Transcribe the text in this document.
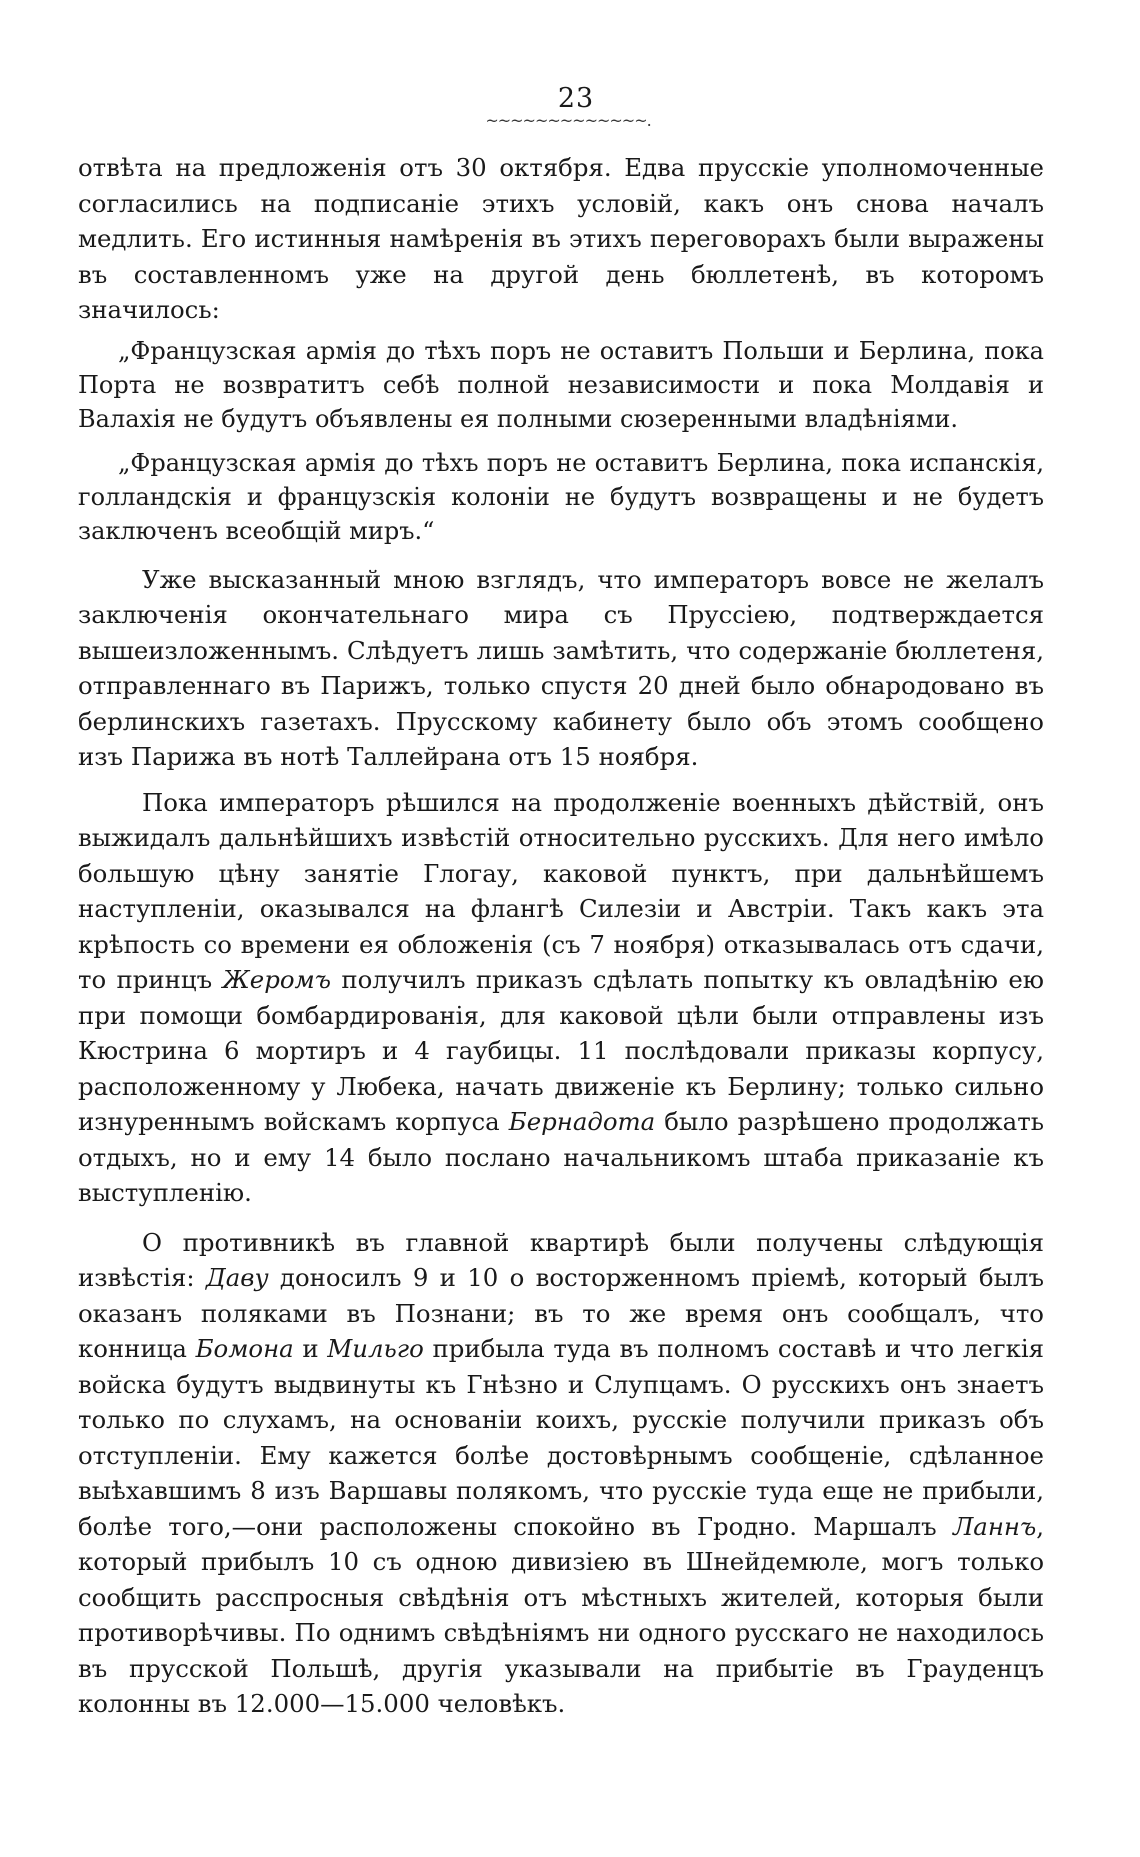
23
~~~~~~~~~~~~~.

отвѣта на предложенія отъ 30 октября. Едва прусскіе уполномоченные согласились на подписаніе этихъ условій, какъ онъ снова началъ медлить. Его истинныя намѣренія въ этихъ переговорахъ были выражены въ составленномъ уже на другой день бюллетенѣ, въ которомъ значилось:

„Французская армія до тѣхъ поръ не оставитъ Польши и Берлина, пока Порта не возвратитъ себѣ полной независимости и пока Молдавія и Валахія не будутъ объявлены ея полными сюзеренными владѣніями.

„Французская армія до тѣхъ поръ не оставитъ Берлина, пока испанскія, голландскія и французскія колоніи не будутъ возвращены и не будетъ заключенъ всеобщій миръ.“

Уже высказанный мною взглядъ, что императоръ вовсе не желалъ заключенія окончательнаго мира съ Пруссіею, подтверждается вышеизложеннымъ. Слѣдуетъ лишь замѣтить, что содержаніе бюллетеня, отправленнаго въ Парижъ, только спустя 20 дней было обнародовано въ берлинскихъ газетахъ. Прусскому кабинету было объ этомъ сообщено изъ Парижа въ нотѣ Таллейрана отъ 15 ноября.

Пока императоръ рѣшился на продолженіе военныхъ дѣйствій, онъ выжидалъ дальнѣйшихъ извѣстій относительно русскихъ. Для него имѣло большую цѣну занятіе Глогау, каковой пунктъ, при дальнѣйшемъ наступленіи, оказывался на флангѣ Силезіи и Австріи. Такъ какъ эта крѣпость со времени ея обложенія (съ 7 ноября) отказывалась отъ сдачи, то принцъ Жеромъ получилъ приказъ сдѣлать попытку къ овладѣнію ею при помощи бомбардированія, для каковой цѣли были отправлены изъ Кюстрина 6 мортиръ и 4 гаубицы. 11 послѣдовали приказы корпусу, расположенному у Любека, начать движеніе къ Берлину; только сильно изнуреннымъ войскамъ корпуса Бернадота было разрѣшено продолжать отдыхъ, но и ему 14 было послано начальникомъ штаба приказаніе къ выступленію.

О противникѣ въ главной квартирѣ были получены слѣдующія извѣстія: Даву доносилъ 9 и 10 о восторженномъ пріемѣ, который былъ оказанъ поляками въ Познани; въ то же время онъ сообщалъ, что конница Бомона и Мильго прибыла туда въ полномъ составѣ и что легкія войска будутъ выдвинуты къ Гнѣзно и Слупцамъ. О русскихъ онъ знаетъ только по слухамъ, на основаніи коихъ, русскіе получили приказъ объ отступленіи. Ему кажется болѣе достовѣрнымъ сообщеніе, сдѣланное выѣхавшимъ 8 изъ Варшавы полякомъ, что русскіе туда еще не прибыли, болѣе того,—они расположены спокойно въ Гродно. Маршалъ Ланнъ, который прибылъ 10 съ одною дивизіею въ Шнейдемюле, могъ только сообщить расспросныя свѣдѣнія отъ мѣстныхъ жителей, которыя были противорѣчивы. По однимъ свѣдѣніямъ ни одного русскаго не находилось въ прусской Польшѣ, другія указывали на прибытіе въ Грауденцъ колонны въ 12.000—15.000 человѣкъ.
